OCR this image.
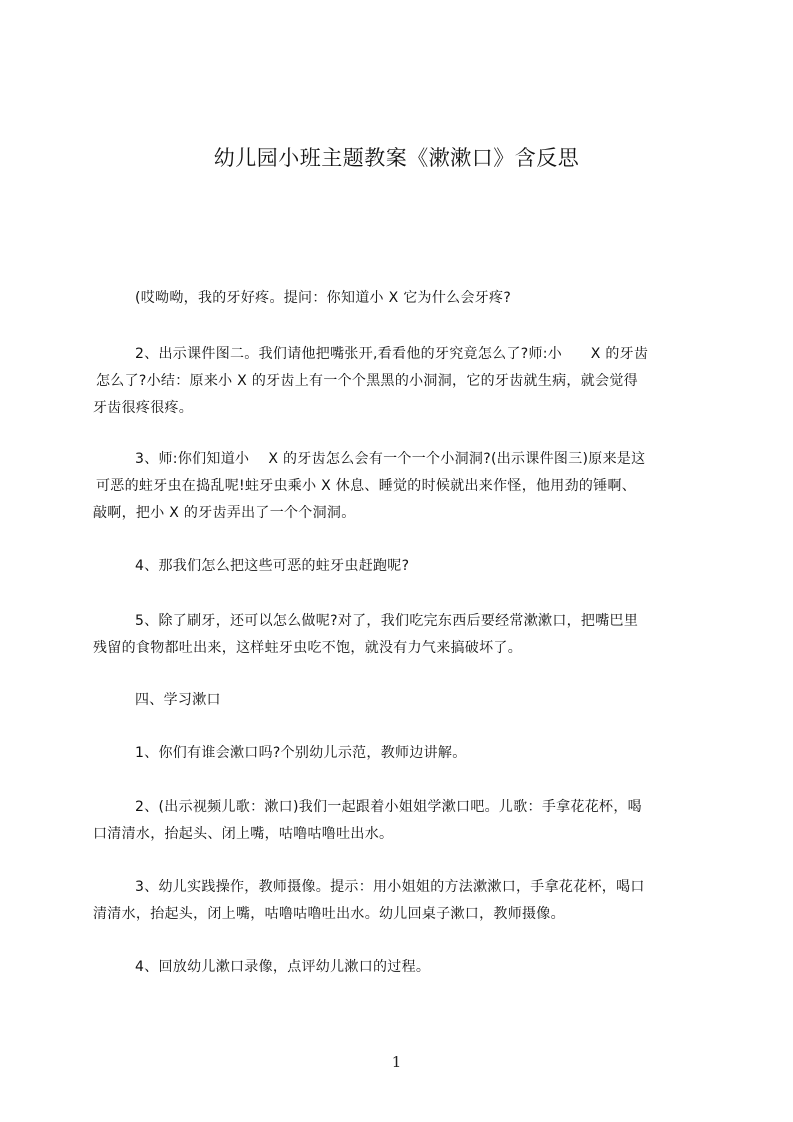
幼儿园小班主题教案《漱漱口》含反思
(哎呦呦，我的牙好疼。提问：你知道小 X 它为什么会牙疼?
2、出示课件图二。我们请他把嘴张开,看看他的牙究竟怎么了?师:小　　X 的牙齿
怎么了?小结：原来小 X 的牙齿上有一个个黑黑的小洞洞，它的牙齿就生病，就会觉得
牙齿很疼很疼。
3、师:你们知道小　 X 的牙齿怎么会有一个一个小洞洞?(出示课件图三)原来是这
可恶的蛀牙虫在捣乱呢!蛀牙虫乘小 X 休息、睡觉的时候就出来作怪，他用劲的锤啊、
敲啊，把小 X 的牙齿弄出了一个个洞洞。
4、那我们怎么把这些可恶的蛀牙虫赶跑呢?
5、除了刷牙，还可以怎么做呢?对了，我们吃完东西后要经常漱漱口，把嘴巴里
残留的食物都吐出来，这样蛀牙虫吃不饱，就没有力气来搞破坏了。
四、学习漱口
1、你们有谁会漱口吗?个别幼儿示范，教师边讲解。
2、(出示视频儿歌：漱口)我们一起跟着小姐姐学漱口吧。儿歌：手拿花花杯，喝
口清清水，抬起头、闭上嘴，咕噜咕噜吐出水。
3、幼儿实践操作，教师摄像。提示：用小姐姐的方法漱漱口，手拿花花杯，喝口
清清水，抬起头，闭上嘴，咕噜咕噜吐出水。幼儿回桌子漱口，教师摄像。
4、回放幼儿漱口录像，点评幼儿漱口的过程。
1
